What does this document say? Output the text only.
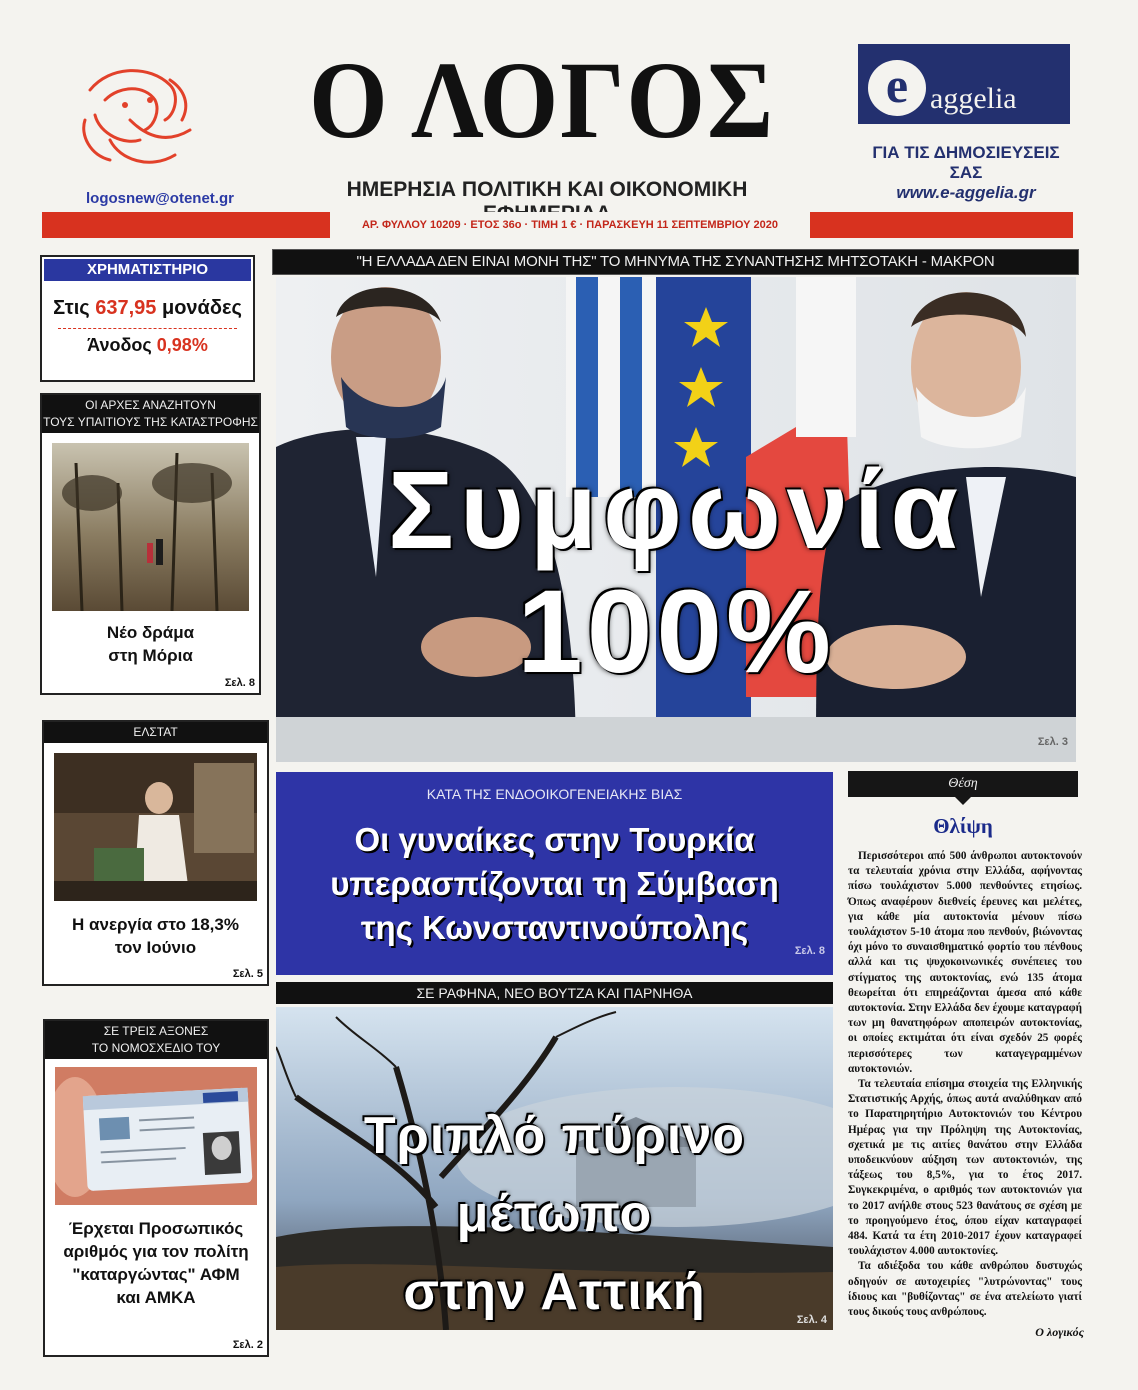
logosnew@otenet.gr
Ο ΛΟΓΟΣ
ΗΜΕΡΗΣΙΑ ΠΟΛΙΤΙΚΗ ΚΑΙ ΟΙΚΟΝΟΜΙΚΗ
e aggelia
ΓΙΑ ΤΙΣ ΔΗΜΟΣΙΕΥΣΕΙΣ ΣΑΣ
www.e-aggelia.gr
ΑΡ. ΦΥΛΛΟΥ 10209 · ΕΤΟΣ 36ο · ΤΙΜΗ 1 € · ΠΑΡΑΣΚΕΥΗ 11 ΣΕΠΤΕΜΒΡΙΟΥ 2020
ΧΡΗΜΑΤΙΣΤΗΡΙΟ
Στις 637,95 μονάδες
Άνοδος 0,98%
ΟΙ ΑΡΧΕΣ ΑΝΑΖΗΤΟΥΝ
ΤΟΥΣ ΥΠΑΙΤΙΟΥΣ ΤΗΣ ΚΑΤΑΣΤΡΟΦΗΣ
Νέο δράμα
στη Μόρια
Σελ. 8
ΕΛΣΤΑΤ
Η ανεργία στο 18,3%
τον Ιούνιο
Σελ. 5
ΣΕ ΤΡΕΙΣ ΑΞΟΝΕΣ
ΤΟ ΝΟΜΟΣΧΕΔΙΟ ΤΟΥ
Έρχεται Προσωπικός
αριθμός για τον πολίτη
"καταργώντας" ΑΦΜ
και ΑΜΚΑ
Σελ. 2
"Η ΕΛΛΑΔΑ ΔΕΝ ΕΙΝΑΙ ΜΟΝΗ ΤΗΣ" ΤΟ ΜΗΝΥΜΑ ΤΗΣ ΣΥΝΑΝΤΗΣΗΣ ΜΗΤΣΟΤΑΚΗ - ΜΑΚΡΟΝ
Συμφωνία
100%
Σελ. 3
ΚΑΤΑ ΤΗΣ ΕΝΔΟΟΙΚΟΓΕΝΕΙΑΚΗΣ ΒΙΑΣ
Οι γυναίκες στην Τουρκία
υπερασπίζονται τη Σύμβαση
της Κωνσταντινούπολης
Σελ. 8
ΣΕ ΡΑΦΗΝΑ, ΝΕΟ ΒΟΥΤΖΑ ΚΑΙ ΠΑΡΝΗΘΑ
Τριπλό πύρινο μέτωπο
στην Αττική	Σελ. 4
Θέση
Θλίψη

Περισσότεροι από 500 άνθρωποι αυτοκτονούν τα τελευταία χρόνια στην Ελλάδα, αφήνοντας πίσω τουλάχιστον 5.000 πενθούντες ετησίως. Όπως αναφέρουν διεθνείς έρευνες και μελέτες, για κάθε μία αυτοκτονία μένουν πίσω τουλάχιστον 5-10 άτομα που πενθούν, βιώνοντας όχι μόνο το συναισθηματικό φορτίο του πένθους αλλά και τις ψυχοκοινωνικές συνέπειες του στίγματος της αυτοκτονίας, ενώ 135 άτομα θεωρείται ότι επηρεάζονται άμεσα από κάθε αυτοκτονία. Στην Ελλάδα δεν έχουμε καταγραφή των μη θανατηφόρων αποπειρών αυτοκτονίας, οι οποίες εκτιμάται ότι είναι σχεδόν 25 φορές περισσότερες των καταγεγραμμένων αυτοκτονιών.

Τα τελευταία επίσημα στοιχεία της Ελληνικής Στατιστικής Αρχής, όπως αυτά αναλύθηκαν από το Παρατηρητήριο Αυτοκτονιών του Κέντρου Ημέρας για την Πρόληψη της Αυτοκτονίας, σχετικά με τις αιτίες θανάτου στην Ελλάδα υποδεικνύουν αύξηση των αυτοκτονιών, της τάξεως του 8,5%, για το έτος 2017. Συγκεκριμένα, ο αριθμός των αυτοκτονιών για το 2017 ανήλθε στους 523 θανάτους σε σχέση με το προηγούμενο έτος, όπου είχαν καταγραφεί 484. Κατά τα έτη 2010-2017 έχουν καταγραφεί τουλάχιστον 4.000 αυτοκτονίες.

Τα αδιέξοδα του κάθε ανθρώπου δυστυχώς οδηγούν σε αυτοχειρίες "λυτρώνοντας" τους ίδιους και "βυθίζοντας" σε ένα ατελείωτο γιατί τους δικούς τους ανθρώπους.

Ο λογικός
